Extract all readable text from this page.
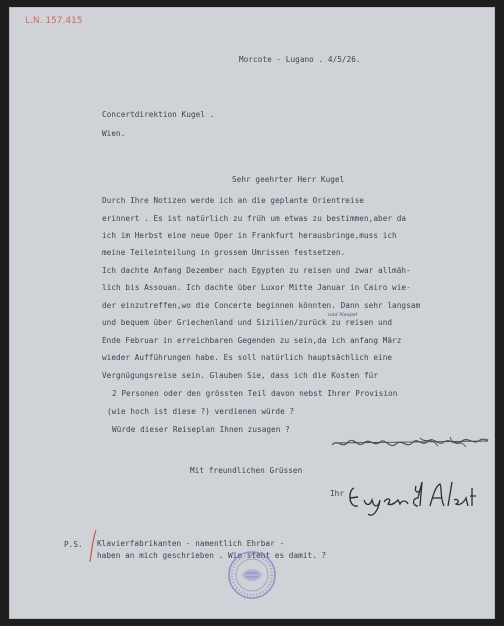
L.N. 157.415
Morcote - Lugano . 4/5/26.
Concertdirektion Kugel .
Wien.
Sehr geehrter Herr Kugel
Durch Ihre Notizen werde ich an die geplante Orientreise
erinnert . Es ist natürlich zu früh um etwas zu bestimmen,aber da
ich im Herbst eine neue Oper in Frankfurt herausbringe,muss ich
meine Teileinteilung in grossem Umrissen festsetzen.
Ich dachte Anfang Dezember nach Egypten zu reisen und zwar allmäh-
lich bis Assouan. Ich dachte über Luxor Mitte Januar in Cairo wie-
der einzutreffen,wo die Concerte beginnen könnten. Dann sehr langsam
und Neapel
und bequem über Griechenland und Sizilien/zurück zu reisen und
Ende Februar in erreichbaren Gegenden zu sein,da ich anfang März
wieder Aufführungen habe. Es soll natürlich hauptsächlich eine
Vergnügungsreise sein. Glauben Sie, dass ich die Kosten für
2 Personen oder den grössten Teil davon nebst Ihrer Provision
(wie hoch ist diese ?) verdienen würde ?
Würde dieser Reiseplan Ihnen zusagen ?
Mit freundlichen Grüssen
Ihr
P.S. Klavierfabrikanten - namentlich Ehrbar -
haben an mich geschrieben . Wie steht es damit. ?
